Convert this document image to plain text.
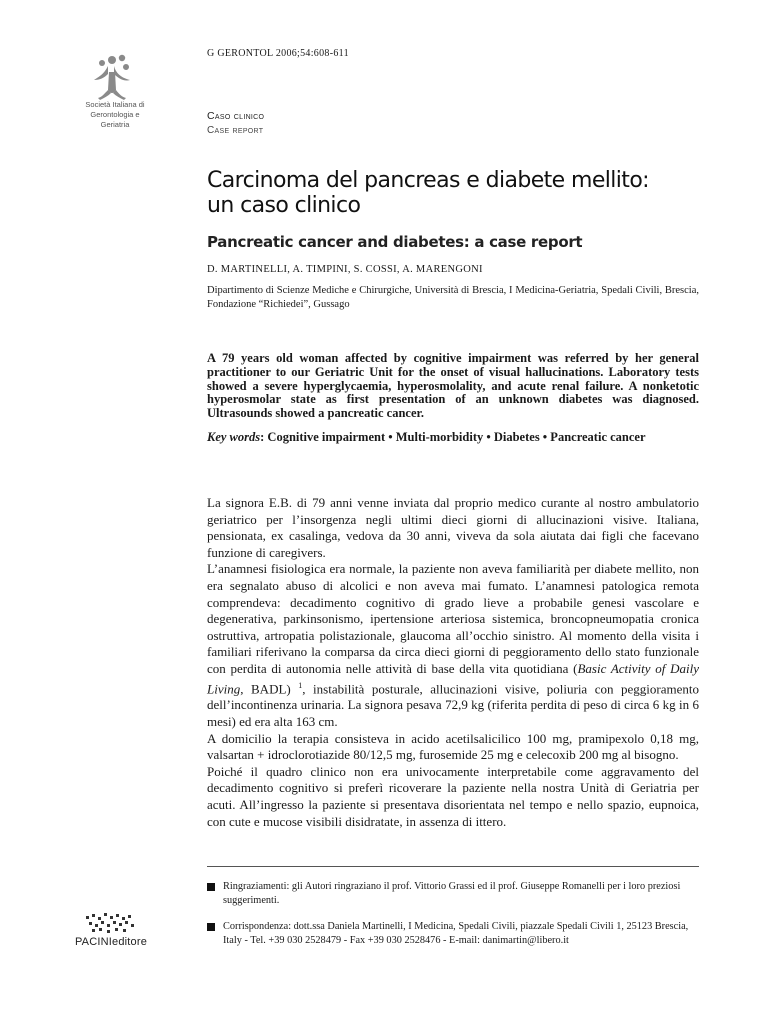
Società Italiana di
Gerontologia e
Geriatria
G GERONTOL 2006;54:608-611
Caso clinico
Case report
Carcinoma del pancreas e diabete mellito:
un caso clinico
Pancreatic cancer and diabetes: a case report
D. MARTINELLI, A. TIMPINI, S. COSSI, A. MARENGONI
Dipartimento di Scienze Mediche e Chirurgiche, Università di Brescia, I Medicina-Geriatria, Spedali Civili, Brescia, Fondazione “Richiedei”, Gussago
A 79 years old woman affected by cognitive impairment was referred by her general practitioner to our Geriatric Unit for the onset of visual hallucinations. Laboratory tests showed a severe hyperglycaemia, hyperosmolality, and acute renal failure. A nonketotic hyperosmolar state as first presentation of an unknown diabetes was diagnosed. Ultrasounds showed a pancreatic cancer.
Key words: Cognitive impairment • Multi-morbidity • Diabetes • Pancreatic cancer

La signora E.B. di 79 anni venne inviata dal proprio medico curante al nostro ambulatorio geriatrico per l’insorgenza negli ultimi dieci giorni di allucinazioni visive. Italiana, pensionata, ex casalinga, vedova da 30 anni, viveva da sola aiutata dai figli che facevano funzione di caregivers.

L’anamnesi fisiologica era normale, la paziente non aveva familiarità per diabete mellito, non era segnalato abuso di alcolici e non aveva mai fumato. L’anamnesi patologica remota comprendeva: decadimento cognitivo di grado lieve a probabile genesi vascolare e degenerativa, parkinsonismo, ipertensione arteriosa sistemica, broncopneumopatia cronica ostruttiva, artropatia polistazionale, glaucoma all’occhio sinistro. Al momento della visita i familiari riferivano la comparsa da circa dieci giorni di peggioramento dello stato funzionale con perdita di autonomia nelle attività di base della vita quotidiana (Basic Activity of Daily Living, BADL) $^1$, instabilità posturale, allucinazioni visive, poliuria con peggioramento dell’incontinenza urinaria. La signora pesava 72,9 kg (riferita perdita di peso di circa 6 kg in 6 mesi) ed era alta 163 cm.

A domicilio la terapia consisteva in acido acetilsalicilico 100 mg, pramipexolo 0,18 mg, valsartan + idroclorotiazide 80/12,5 mg, furosemide 25 mg e celecoxib 200 mg al bisogno.

Poiché il quadro clinico non era univocamente interpretabile come aggravamento del decadimento cognitivo si preferì ricoverare la paziente nella nostra Unità di Geriatria per acuti. All’ingresso la paziente si presentava disorientata nel tempo e nello spazio, eupnoica, con cute e mucose visibili disidratate, in assenza di ittero.

Ringraziamenti: gli Autori ringraziano il prof. Vittorio Grassi ed il prof. Giuseppe Romanelli per i loro preziosi suggerimenti.
Corrispondenza: dott.ssa Daniela Martinelli, I Medicina, Spedali Civili, piazzale Spedali Civili 1, 25123 Brescia, Italy - Tel. +39 030 2528479 - Fax +39 030 2528476 - E-mail: danimartin@libero.it
PACINIeditore
